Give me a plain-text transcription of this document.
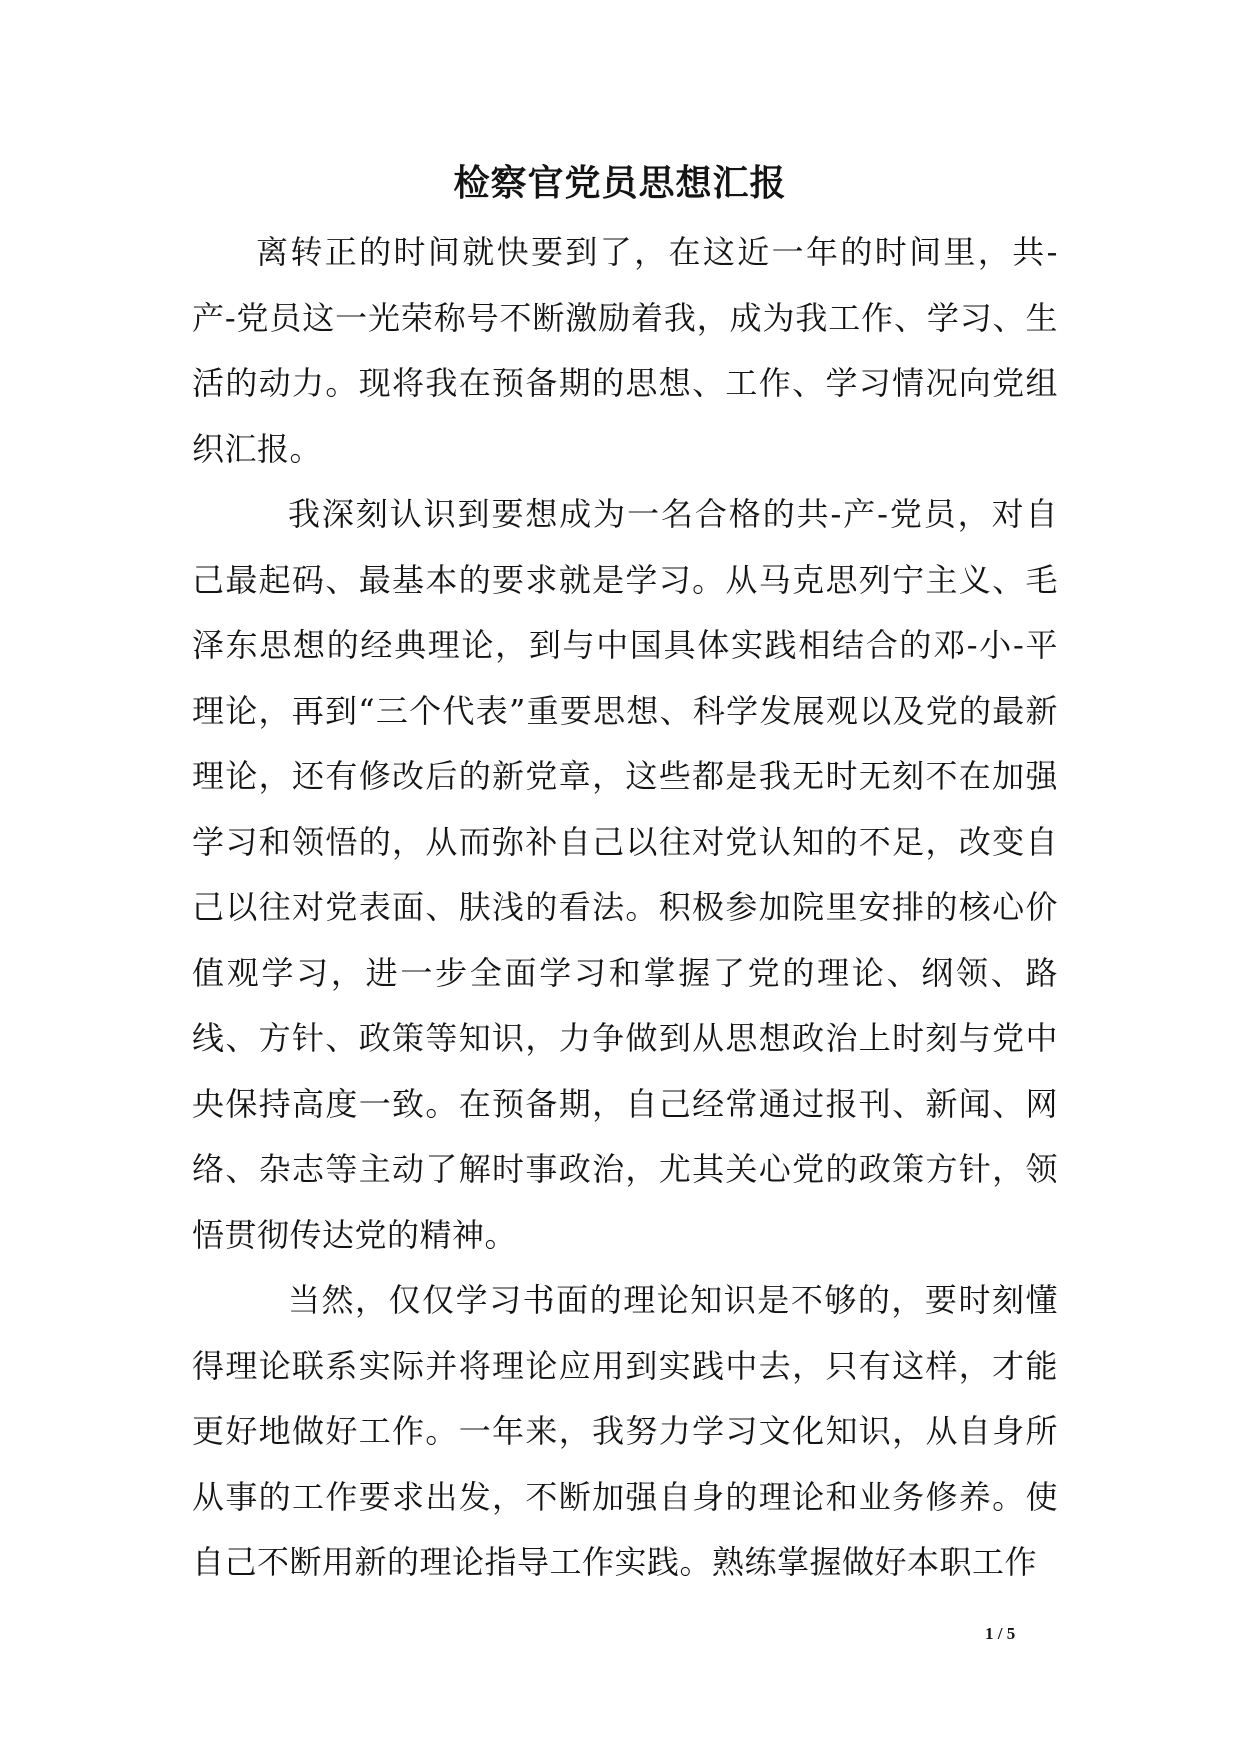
检察官党员思想汇报

离转正的时间就快要到了，在这近一年的时间里，共-产-党员这一光荣称号不断激励着我，成为我工作、学习、生活的动力。现将我在预备期的思想、工作、学习情况向党组织汇报。

我深刻认识到要想成为一名合格的共-产-党员，对自己最起码、最基本的要求就是学习。从马克思列宁主义、毛泽东思想的经典理论，到与中国具体实践相结合的邓-小-平理论，再到“三个代表”重要思想、科学发展观以及党的最新理论，还有修改后的新党章，这些都是我无时无刻不在加强学习和领悟的，从而弥补自己以往对党认知的不足，改变自己以往对党表面、肤浅的看法。积极参加院里安排的核心价值观学习，进一步全面学习和掌握了党的理论、纲领、路线、方针、政策等知识，力争做到从思想政治上时刻与党中央保持高度一致。在预备期，自己经常通过报刊、新闻、网络、杂志等主动了解时事政治，尤其关心党的政策方针，领悟贯彻传达党的精神。

当然，仅仅学习书面的理论知识是不够的，要时刻懂得理论联系实际并将理论应用到实践中去，只有这样，才能更好地做好工作。一年来，我努力学习文化知识，从自身所从事的工作要求出发，不断加强自身的理论和业务修养。使自己不断用新的理论指导工作实践。熟练掌握做好本职工作

1 / 5
